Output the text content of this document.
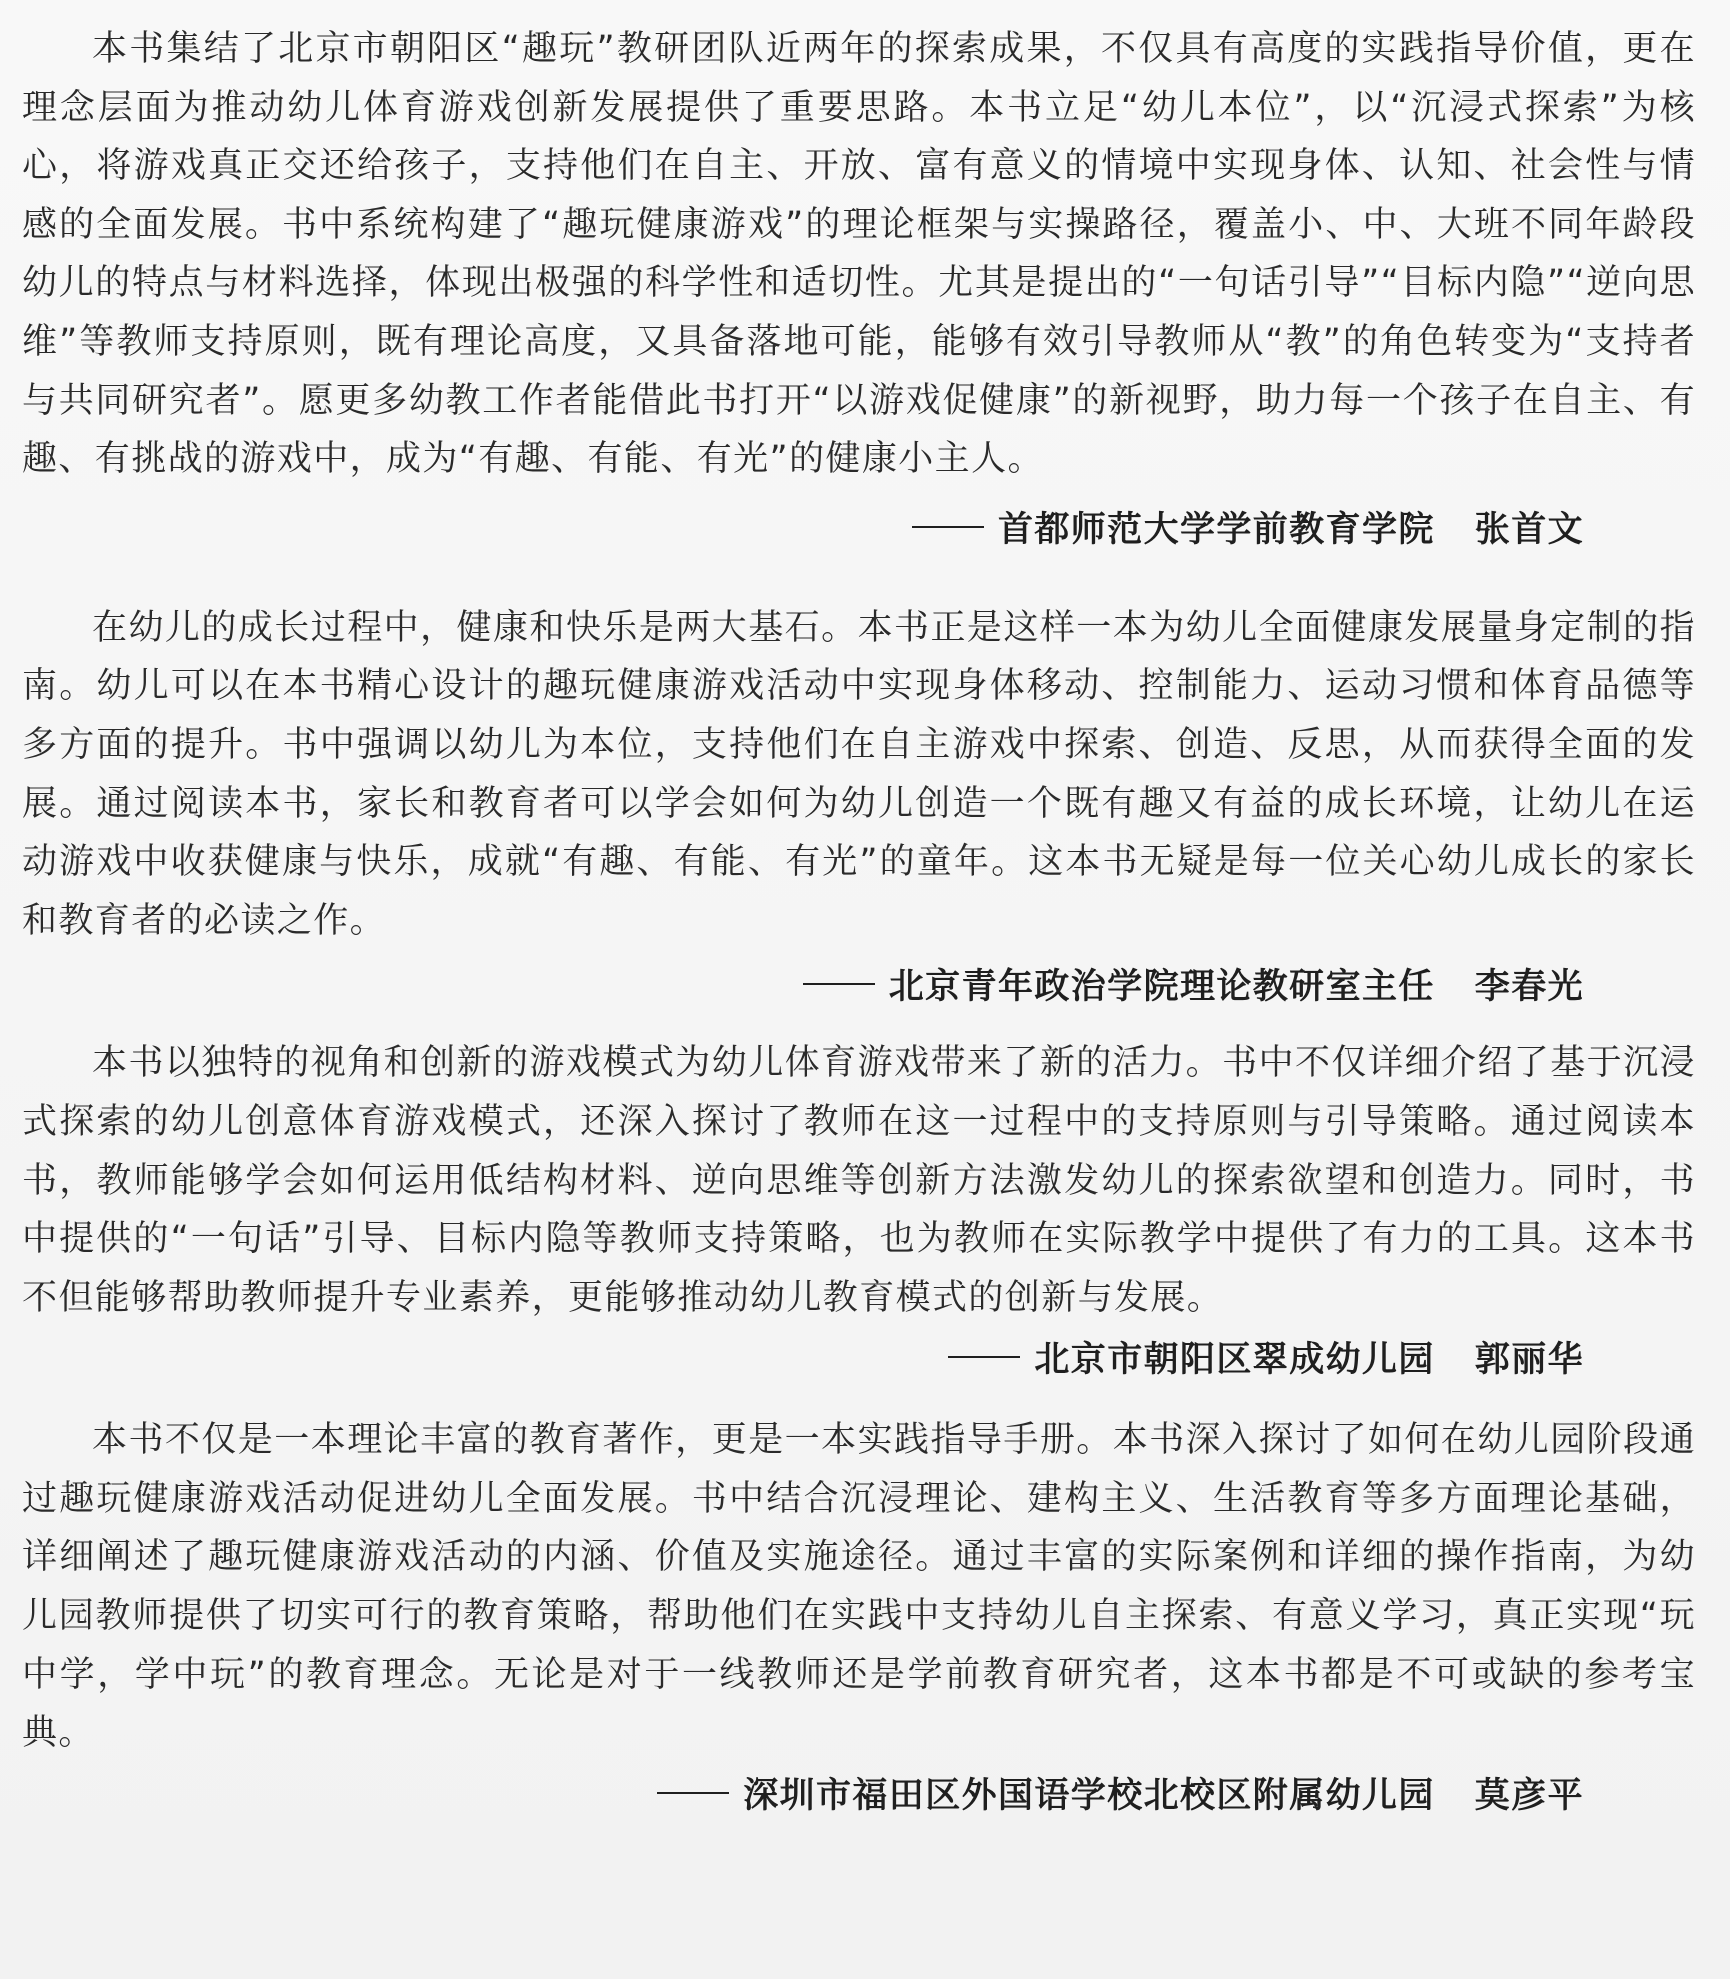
本书集结了北京市朝阳区“趣玩”教研团队近两年的探索成果，不仅具有高度的实践指导价值，更在理念层面为推动幼儿体育游戏创新发展提供了重要思路。本书立足“幼儿本位”，以“沉浸式探索”为核心，将游戏真正交还给孩子，支持他们在自主、开放、富有意义的情境中实现身体、认知、社会性与情感的全面发展。书中系统构建了“趣玩健康游戏”的理论框架与实操路径，覆盖小、中、大班不同年龄段幼儿的特点与材料选择，体现出极强的科学性和适切性。尤其是提出的“一句话引导”“目标内隐”“逆向思维”等教师支持原则，既有理论高度，又具备落地可能，能够有效引导教师从“教”的角色转变为“支持者与共同研究者”。愿更多幼教工作者能借此书打开“以游戏促健康”的新视野，助力每一个孩子在自主、有趣、有挑战的游戏中，成为“有趣、有能、有光”的健康小主人。

首都师范大学学前教育学院 张首文

在幼儿的成长过程中，健康和快乐是两大基石。本书正是这样一本为幼儿全面健康发展量身定制的指南。幼儿可以在本书精心设计的趣玩健康游戏活动中实现身体移动、控制能力、运动习惯和体育品德等多方面的提升。书中强调以幼儿为本位，支持他们在自主游戏中探索、创造、反思，从而获得全面的发展。通过阅读本书，家长和教育者可以学会如何为幼儿创造一个既有趣又有益的成长环境，让幼儿在运动游戏中收获健康与快乐，成就“有趣、有能、有光”的童年。这本书无疑是每一位关心幼儿成长的家长和教育者的必读之作。

北京青年政治学院理论教研室主任 李春光

本书以独特的视角和创新的游戏模式为幼儿体育游戏带来了新的活力。书中不仅详细介绍了基于沉浸式探索的幼儿创意体育游戏模式，还深入探讨了教师在这一过程中的支持原则与引导策略。通过阅读本书，教师能够学会如何运用低结构材料、逆向思维等创新方法激发幼儿的探索欲望和创造力。同时，书中提供的“一句话”引导、目标内隐等教师支持策略，也为教师在实际教学中提供了有力的工具。这本书不但能够帮助教师提升专业素养，更能够推动幼儿教育模式的创新与发展。

北京市朝阳区翠成幼儿园 郭丽华

本书不仅是一本理论丰富的教育著作，更是一本实践指导手册。本书深入探讨了如何在幼儿园阶段通过趣玩健康游戏活动促进幼儿全面发展。书中结合沉浸理论、建构主义、生活教育等多方面理论基础，详细阐述了趣玩健康游戏活动的内涵、价值及实施途径。通过丰富的实际案例和详细的操作指南，为幼儿园教师提供了切实可行的教育策略，帮助他们在实践中支持幼儿自主探索、有意义学习，真正实现“玩中学，学中玩”的教育理念。无论是对于一线教师还是学前教育研究者，这本书都是不可或缺的参考宝典。

深圳市福田区外国语学校北校区附属幼儿园 莫彦平
